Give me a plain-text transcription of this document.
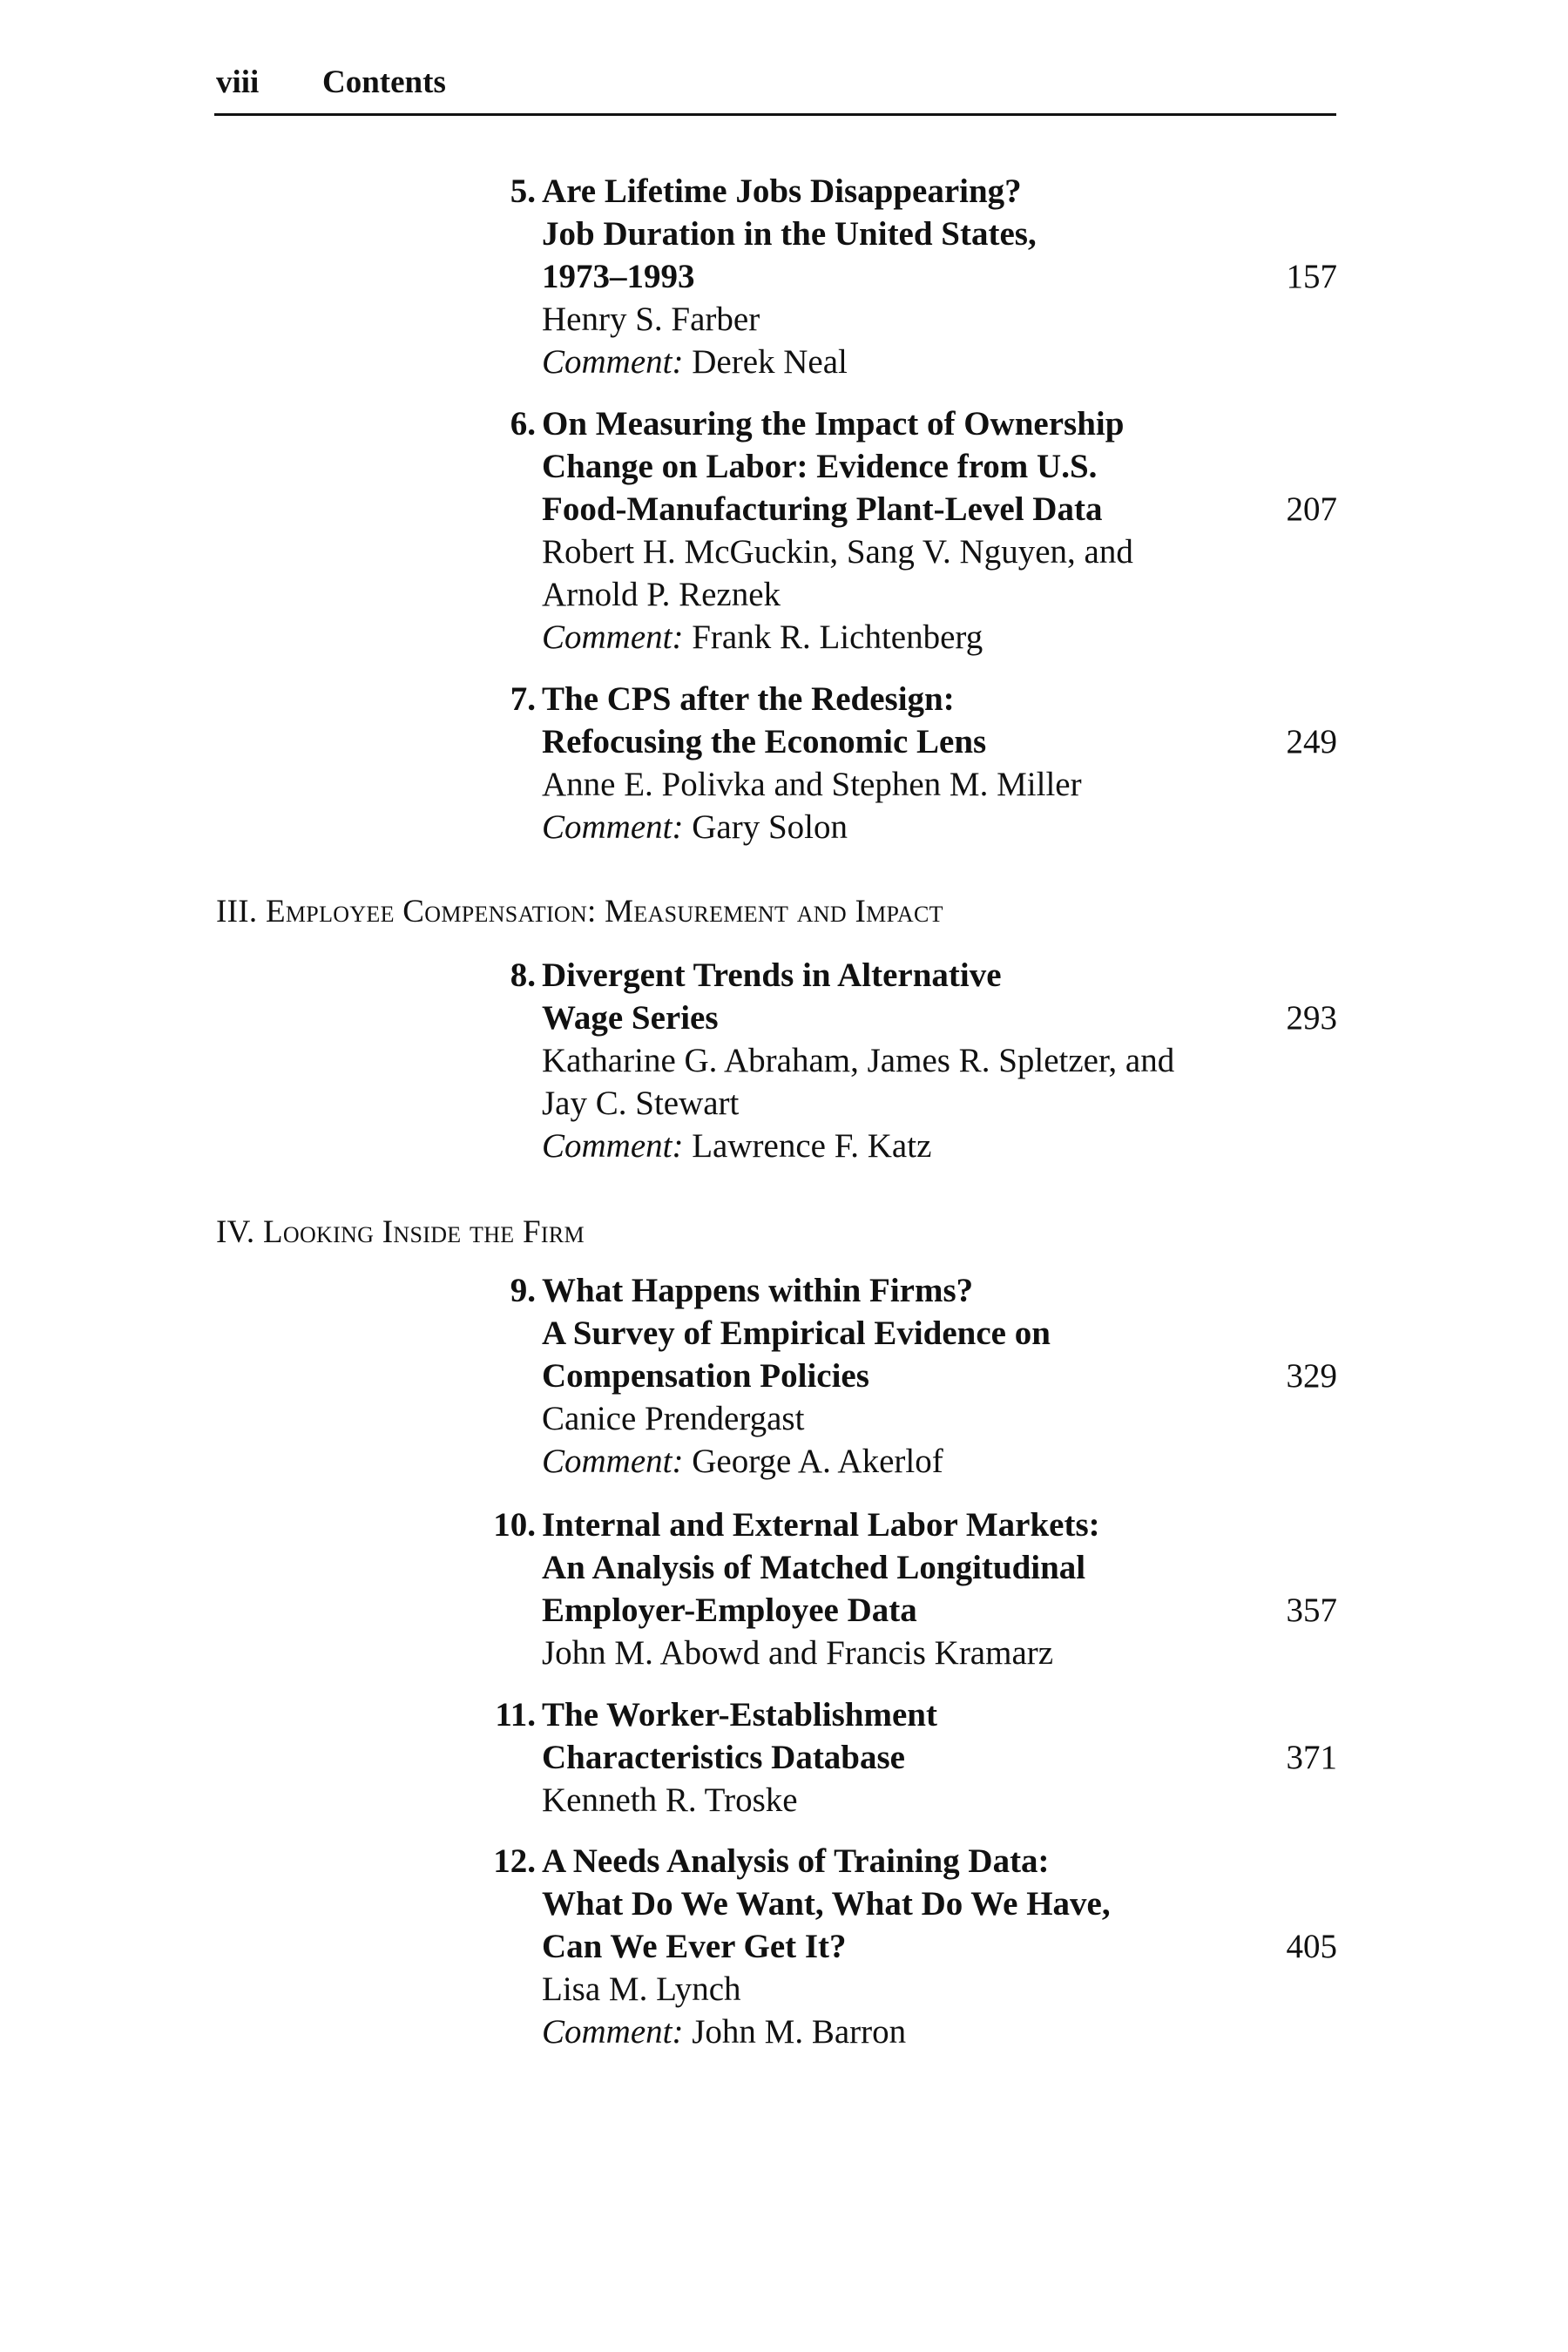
viii Contents
III. Employee Compensation: Measurement and Impact
IV. Looking Inside the Firm
5.
157
Are Lifetime Jobs Disappearing?
Job Duration in the United States,
1973–1993
Henry S. Farber
Comment: Derek Neal
6.
207
On Measuring the Impact of Ownership
Change on Labor: Evidence from U.S.
Food-Manufacturing Plant-Level Data
Robert H. McGuckin, Sang V. Nguyen, and
Arnold P. Reznek
Comment: Frank R. Lichtenberg
7.
249
The CPS after the Redesign:
Refocusing the Economic Lens
Anne E. Polivka and Stephen M. Miller
Comment: Gary Solon
8.
293
Divergent Trends in Alternative
Wage Series
Katharine G. Abraham, James R. Spletzer, and
Jay C. Stewart
Comment: Lawrence F. Katz
9.
329
What Happens within Firms?
A Survey of Empirical Evidence on
Compensation Policies
Canice Prendergast
Comment: George A. Akerlof
10.
357
Internal and External Labor Markets:
An Analysis of Matched Longitudinal
Employer-Employee Data
John M. Abowd and Francis Kramarz
11.
371
The Worker-Establishment
Characteristics Database
Kenneth R. Troske
12.
405
A Needs Analysis of Training Data:
What Do We Want, What Do We Have,
Can We Ever Get It?
Lisa M. Lynch
Comment: John M. Barron
